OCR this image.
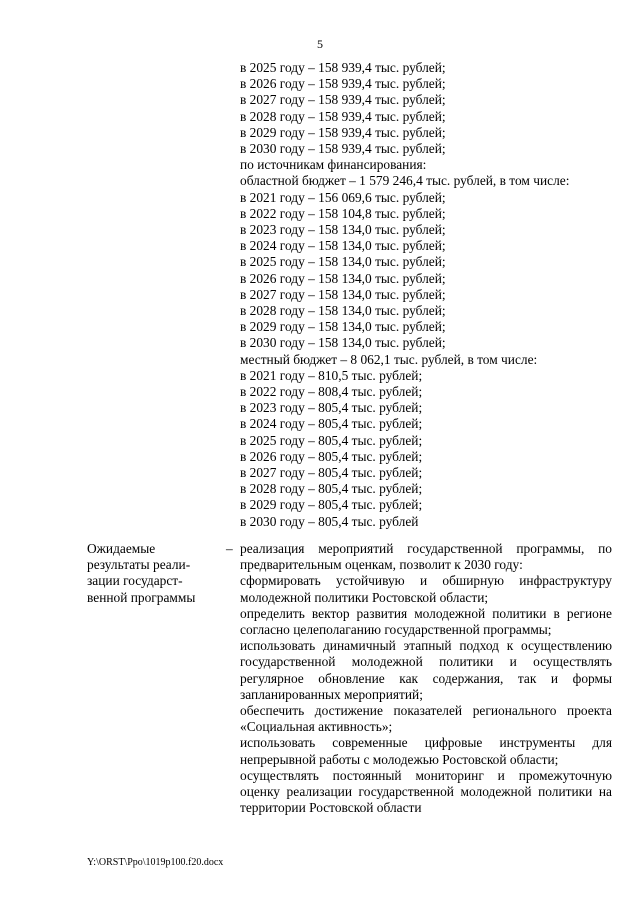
5
в 2025 году – 158 939,4 тыс. рублей;
в 2026 году – 158 939,4 тыс. рублей;
в 2027 году – 158 939,4 тыс. рублей;
в 2028 году – 158 939,4 тыс. рублей;
в 2029 году – 158 939,4 тыс. рублей;
в 2030 году – 158 939,4 тыс. рублей;
по источникам финансирования:
областной бюджет – 1 579 246,4 тыс. рублей, в том числе:
в 2021 году – 156 069,6 тыс. рублей;
в 2022 году – 158 104,8 тыс. рублей;
в 2023 году – 158 134,0 тыс. рублей;
в 2024 году – 158 134,0 тыс. рублей;
в 2025 году – 158 134,0 тыс. рублей;
в 2026 году – 158 134,0 тыс. рублей;
в 2027 году – 158 134,0 тыс. рублей;
в 2028 году – 158 134,0 тыс. рублей;
в 2029 году – 158 134,0 тыс. рублей;
в 2030 году – 158 134,0 тыс. рублей;
местный бюджет – 8 062,1 тыс. рублей, в том числе:
в 2021 году – 810,5 тыс. рублей;
в 2022 году – 808,4 тыс. рублей;
в 2023 году – 805,4 тыс. рублей;
в 2024 году – 805,4 тыс. рублей;
в 2025 году – 805,4 тыс. рублей;
в 2026 году – 805,4 тыс. рублей;
в 2027 году – 805,4 тыс. рублей;
в 2028 году – 805,4 тыс. рублей;
в 2029 году – 805,4 тыс. рублей;
в 2030 году – 805,4 тыс. рублей
Ожидаемые результаты реали-зации государст-венной программы
– реализация мероприятий государственной программы, по предварительным оценкам, позволит к 2030 году:
сформировать устойчивую и обширную инфраструктуру молодежной политики Ростовской области;
определить вектор развития молодежной политики в регионе согласно целеполаганию государственной программы;
использовать динамичный этапный подход к осуществлению государственной молодежной политики и осуществлять регулярное обновление как содержания, так и формы запланированных мероприятий;
обеспечить достижение показателей регионального проекта «Социальная активность»;
использовать современные цифровые инструменты для непрерывной работы с молодежью Ростовской области;
осуществлять постоянный мониторинг и промежуточную оценку реализации государственной молодежной политики на территории Ростовской области
Y:\ORST\Ppo\1019p100.f20.docx
